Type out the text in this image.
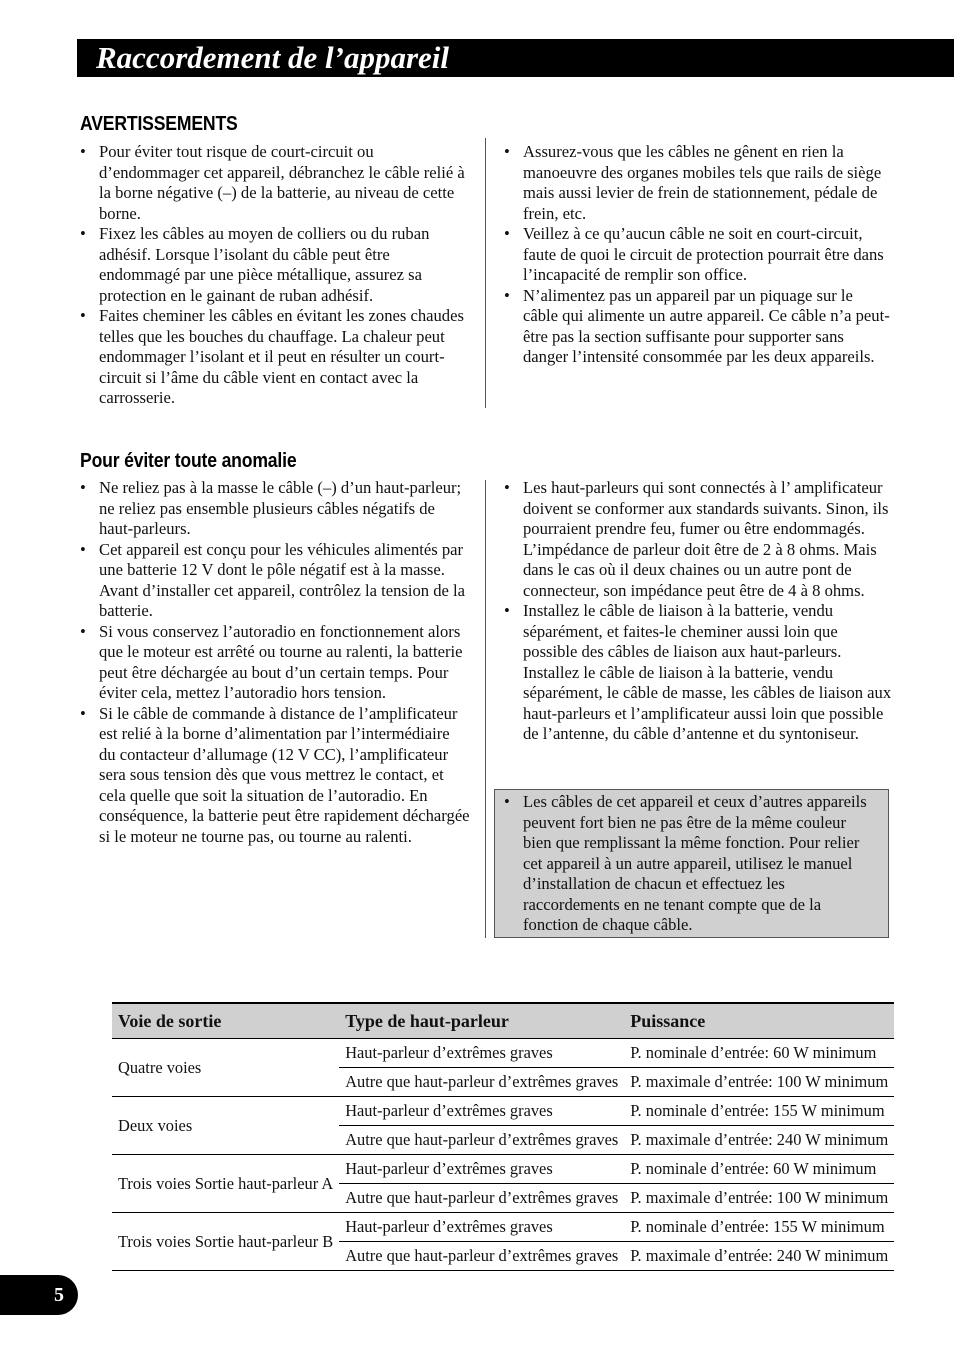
Raccordement de l’appareil
AVERTISSEMENTS
• Pour éviter tout risque de court-circuit ou d’endommager cet appareil, débranchez le câble relié à la borne négative (–) de la batterie, au niveau de cette borne.
• Fixez les câbles au moyen de colliers ou du ruban adhésif. Lorsque l’isolant du câble peut être endommagé par une pièce métallique, assurez sa protection en le gainant de ruban adhésif.
• Faites cheminer les câbles en évitant les zones chaudes telles que les bouches du chauffage. La chaleur peut endommager l’isolant et il peut en résulter un court-circuit si l’âme du câble vient en contact avec la carrosserie.
• Assurez-vous que les câbles ne gênent en rien la manoeuvre des organes mobiles tels que rails de siège mais aussi levier de frein de stationnement, pédale de frein, etc.
• Veillez à ce qu’aucun câble ne soit en court-circuit, faute de quoi le circuit de protection pourrait être dans l’incapacité de remplir son office.
• N’alimentez pas un appareil par un piquage sur le câble qui alimente un autre appareil. Ce câble n’a peut-être pas la section suffisante pour supporter sans danger l’intensité consommée par les deux appareils.
Pour éviter toute anomalie
• Ne reliez pas à la masse le câble (–) d’un haut-parleur; ne reliez pas ensemble plusieurs câbles négatifs de haut-parleurs.
• Cet appareil est conçu pour les véhicules alimentés par une batterie 12 V dont le pôle négatif est à la masse. Avant d’installer cet appareil, contrôlez la tension de la batterie.
• Si vous conservez l’autoradio en fonctionnement alors que le moteur est arrêté ou tourne au ralenti, la batterie peut être déchargée au bout d’un certain temps. Pour éviter cela, mettez l’autoradio hors tension.
• Si le câble de commande à distance de l’amplificateur est relié à la borne d’alimentation par l’intermédiaire du contacteur d’allumage (12 V CC), l’amplificateur sera sous tension dès que vous mettrez le contact, et cela quelle que soit la situation de l’autoradio. En conséquence, la batterie peut être rapidement déchargée si le moteur ne tourne pas, ou tourne au ralenti.
• Les haut-parleurs qui sont connectés à l’ amplificateur doivent se conformer aux standards suivants. Sinon, ils pourraient prendre feu, fumer ou être endommagés. L’impédance de parleur doit être de 2 à 8 ohms. Mais dans le cas où il deux chaines ou un autre pont de connecteur, son impédance peut être de 4 à 8 ohms.
• Installez le câble de liaison à la batterie, vendu séparément, et faites-le cheminer aussi loin que possible des câbles de liaison aux haut-parleurs. Installez le câble de liaison à la batterie, vendu séparément, le câble de masse, les câbles de liaison aux haut-parleurs et l’amplificateur aussi loin que possible de l’antenne, du câble d’antenne et du syntoniseur.
• Les câbles de cet appareil et ceux d’autres appareils peuvent fort bien ne pas être de la même couleur bien que remplissant la même fonction. Pour relier cet appareil à un autre appareil, utilisez le manuel d’installation de chacun et effectuez les raccordements en ne tenant compte que de la fonction de chaque câble.
Voie de sortie	Type de haut-parleur	Puissance
Quatre voies	Haut-parleur d’extrêmes graves	P. nominale d’entrée: 60 W minimum
	Autre que haut-parleur d’extrêmes graves	P. maximale d’entrée: 100 W minimum
Deux voies	Haut-parleur d’extrêmes graves	P. nominale d’entrée: 155 W minimum
	Autre que haut-parleur d’extrêmes graves	P. maximale d’entrée: 240 W minimum
Trois voies Sortie haut-parleur A	Haut-parleur d’extrêmes graves	P. nominale d’entrée: 60 W minimum
	Autre que haut-parleur d’extrêmes graves	P. maximale d’entrée: 100 W minimum
Trois voies Sortie haut-parleur B	Haut-parleur d’extrêmes graves	P. nominale d’entrée: 155 W minimum
	Autre que haut-parleur d’extrêmes graves	P. maximale d’entrée: 240 W minimum
5
